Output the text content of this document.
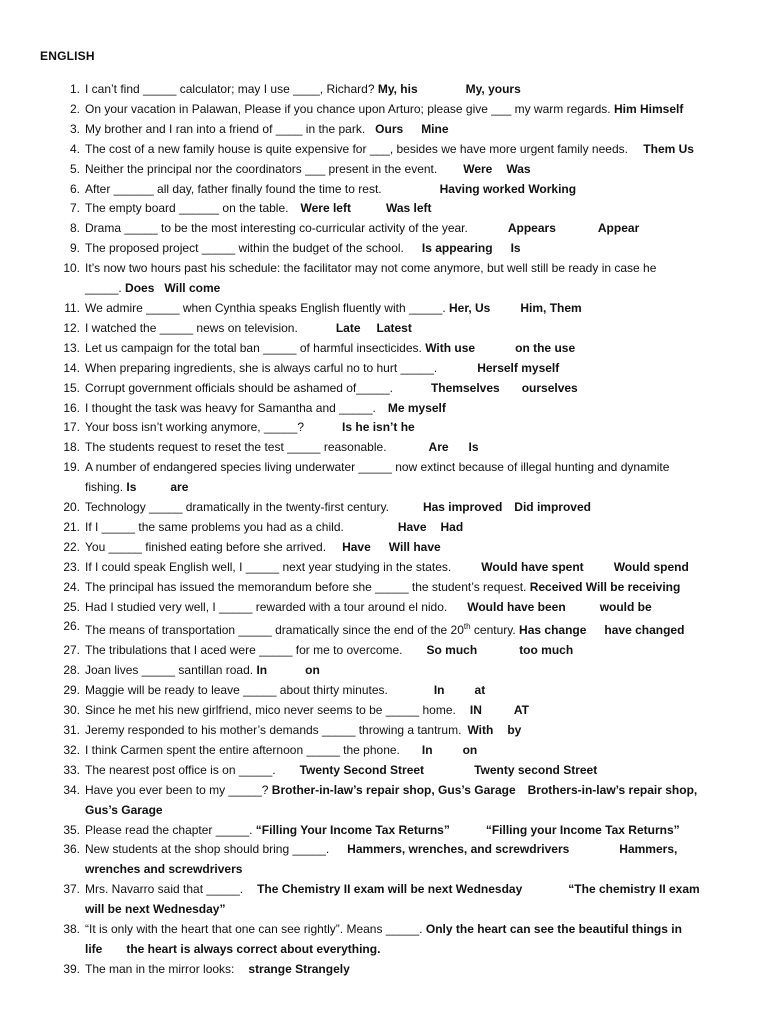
ENGLISH
1. I can’t find _____ calculator; may I use ____, Richard? My, his	My, yours
2. On your vacation in Palawan, Please if you chance upon Arturo; please give ___ my warm regards. Him Himself
3. My brother and I ran into a friend of ____ in the park. Ours Mine
4. The cost of a new family house is quite expensive for ___, besides we have more urgent family needs. Them Us
5. Neither the principal nor the coordinators ___ present in the event. Were Was
6. After ______ all day, father finally found the time to rest.	Having worked Working
7. The empty board ______ on the table. Were left	Was left
8. Drama _____ to be the most interesting co-curricular activity of the year.	Appears	Appear
9. The proposed project _____ within the budget of the school. Is appearing Is
10. It’s now two hours past his schedule: the facilitator may not come anymore, but well still be ready in case he
_____. Does Will come
11. We admire _____ when Cynthia speaks English fluently with _____. Her, Us	Him, Them
12. I watched the _____ news on television.	Late Latest
13. Let us campaign for the total ban _____ of harmful insecticides. With use	on the use
14. When preparing ingredients, she is always carful no to hurt _____.	Herself myself
15. Corrupt government officials should be ashamed of_____.	Themselves ourselves
16. I thought the task was heavy for Samantha and _____. Me myself
17. Your boss isn’t working anymore, _____?	Is he isn’t he
18. The students request to reset the test _____ reasonable.	Are Is
19. A number of endangered species living underwater _____ now extinct because of illegal hunting and dynamite
fishing. Is	are
20. Technology _____ dramatically in the twenty-first century.	Has improved Did improved
21. If I _____ the same problems you had as a child.	Have Had
22. You _____ finished eating before she arrived. Have Will have
23. If I could speak English well, I _____ next year studying in the states.	Would have spent	Would spend
24. The principal has issued the memorandum before she _____ the student’s request. Received Will be receiving
25. Had I studied very well, I _____ rewarded with a tour around el nido. Would have been	would be
26. The means of transportation _____ dramatically since the end of the 20th century. Has change have changed
27. The tribulations that I aced were _____ for me to overcome. So much	too much
28. Joan lives _____ santillan road. In	on
29. Maggie will be ready to leave _____ about thirty minutes.	In	at
30. Since he met his new girlfriend, mico never seems to be _____ home. IN	AT
31. Jeremy responded to his mother’s demands _____ throwing a tantrum. With by
32. I think Carmen spent the entire afternoon _____ the phone. In	on
33. The nearest post office is on _____. Twenty Second Street	Twenty second Street
34. Have you ever been to my _____? Brother-in-law’s repair shop, Gus’s Garage Brothers-in-law’s repair shop,
Gus’s Garage
35. Please read the chapter _____. “Filling Your Income Tax Returns”	“Filling your Income Tax Returns”
36. New students at the shop should bring _____. Hammers, wrenches, and screwdrivers	Hammers,
wrenches and screwdrivers
37. Mrs. Navarro said that _____. The Chemistry II exam will be next Wednesday	“The chemistry II exam
will be next Wednesday”
38. “It is only with the heart that one can see rightly”. Means _____. Only the heart can see the beautiful things in
life the heart is always correct about everything.
39. The man in the mirror looks: strange Strangely
